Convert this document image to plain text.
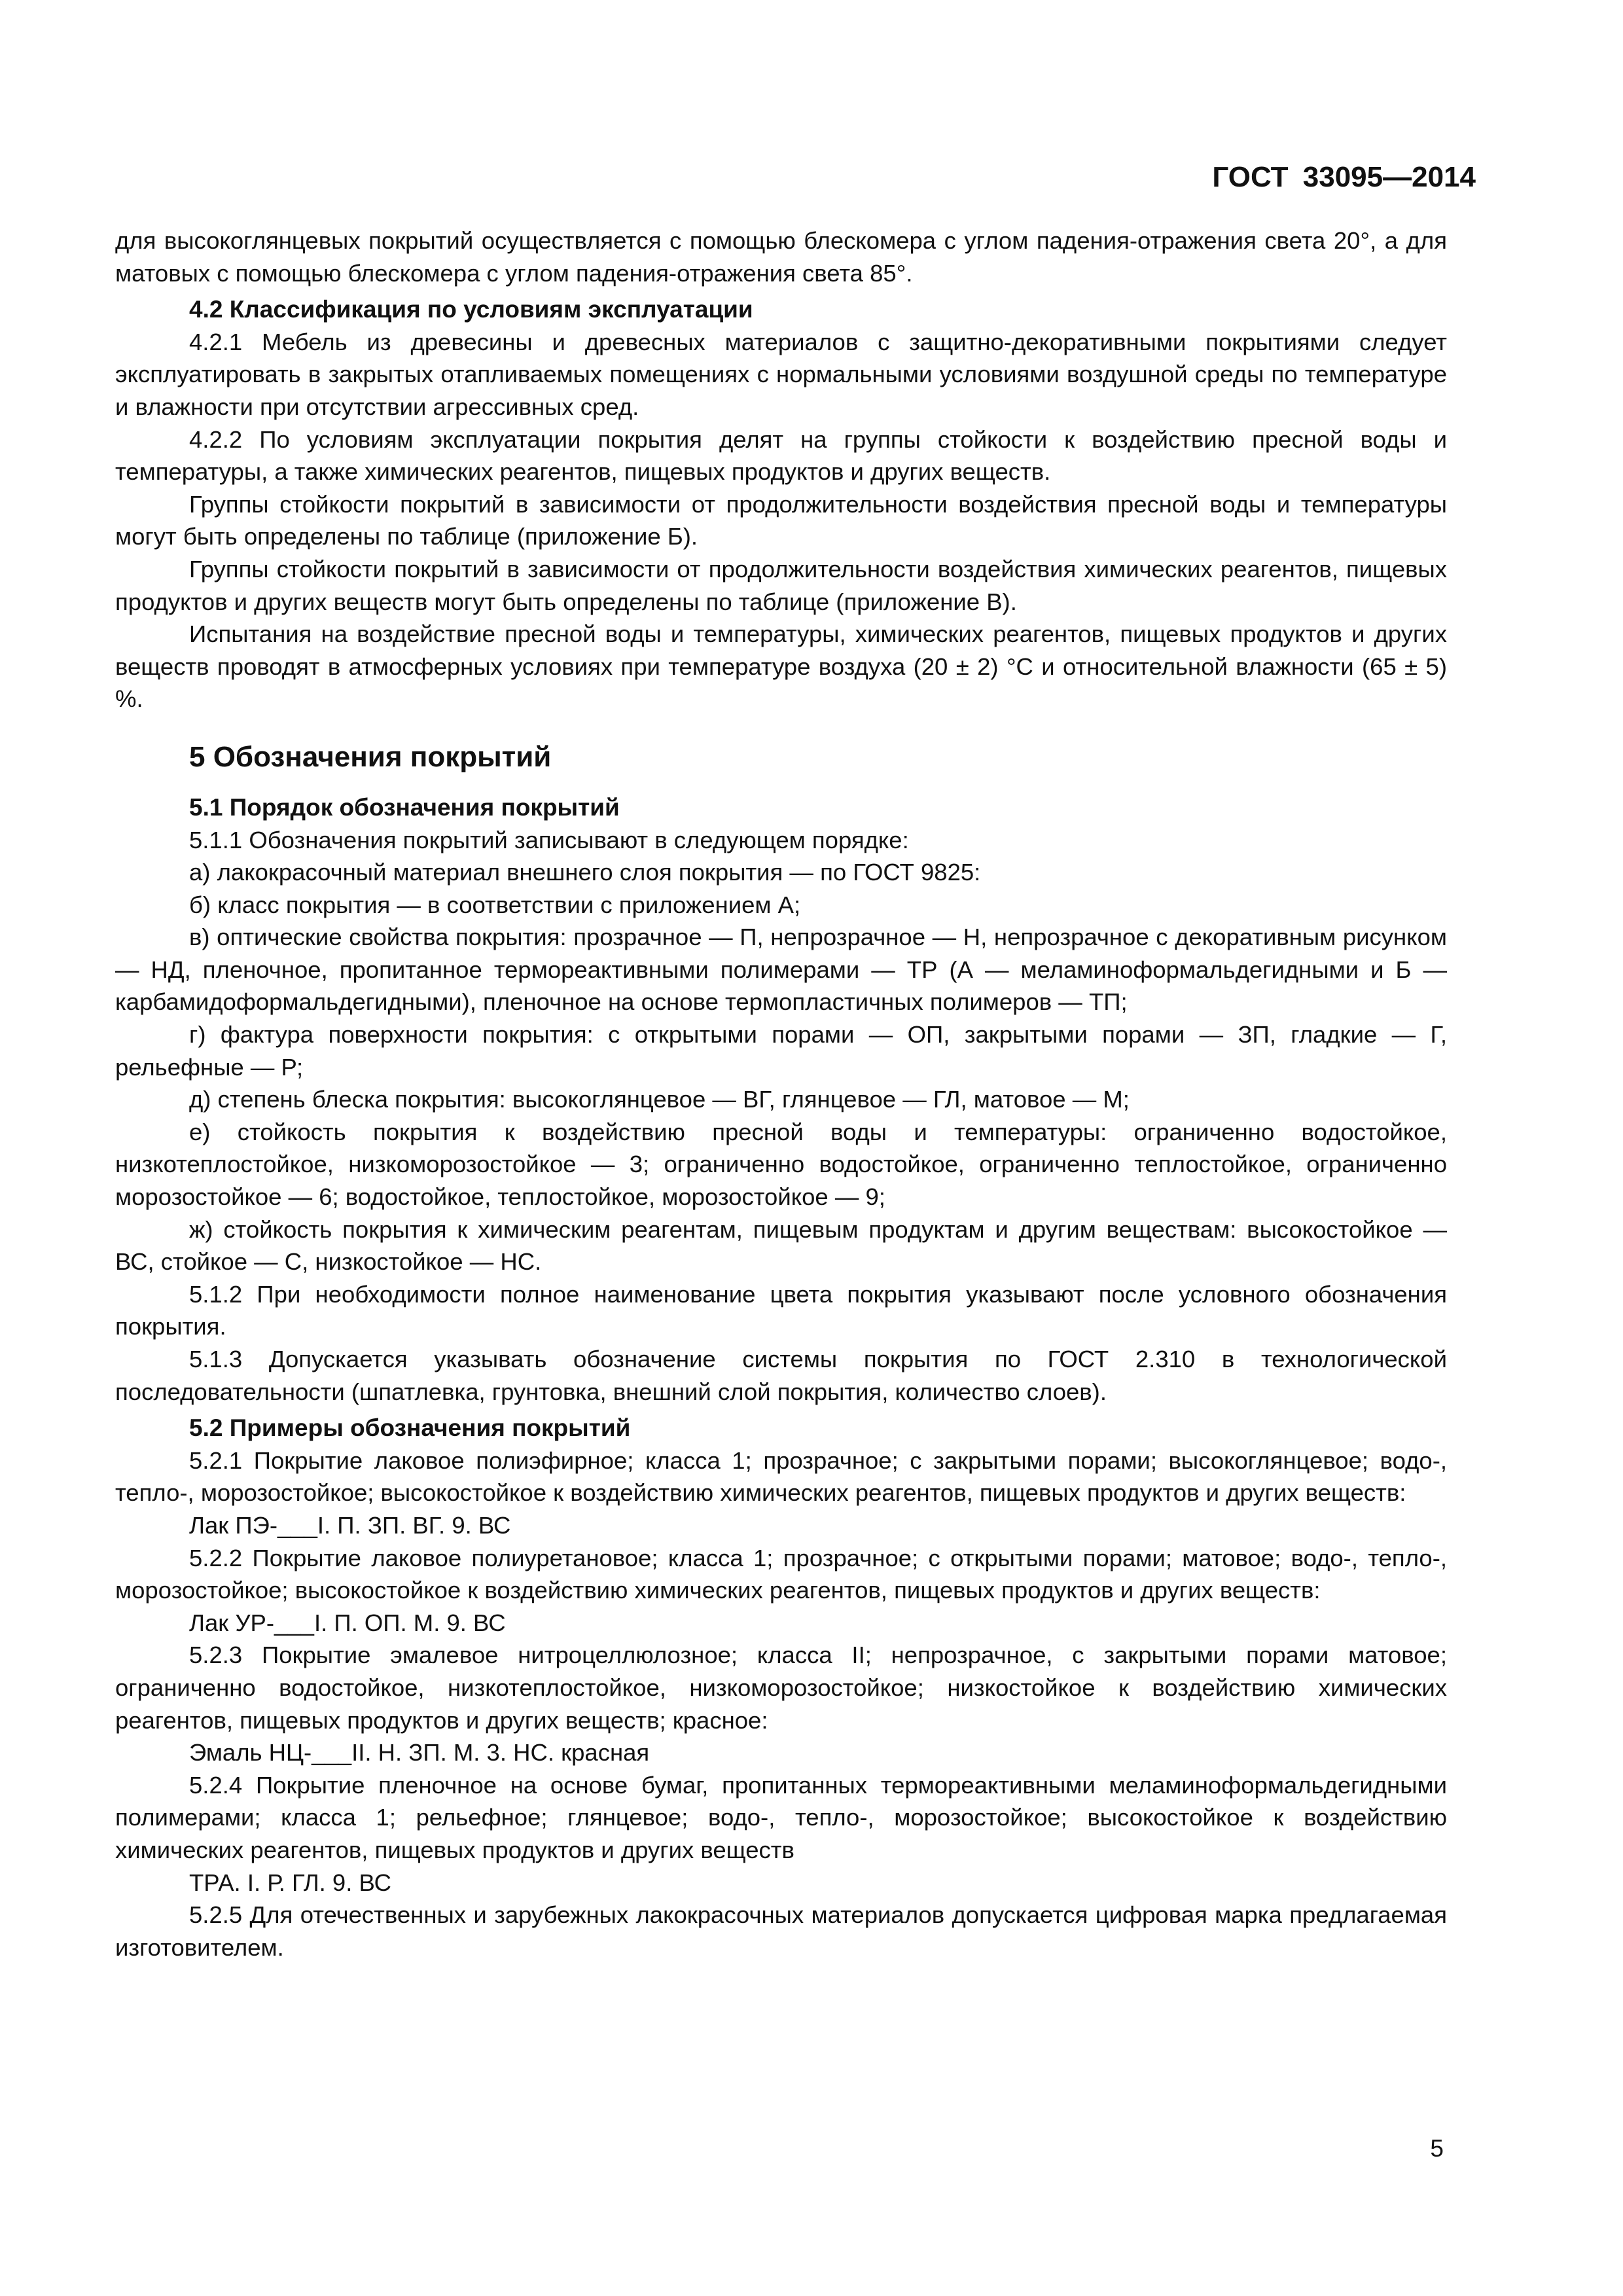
ГОСТ 33095—2014

для высокоглянцевых покрытий осуществляется с помощью блескомера с углом падения-отражения света 20°, а для матовых с помощью блескомера с углом падения-отражения света 85°.

4.2 Классификация по условиям эксплуатации

4.2.1 Мебель из древесины и древесных материалов с защитно-декоративными покрытиями следует эксплуатировать в закрытых отапливаемых помещениях с нормальными условиями воздушной среды по температуре и влажности при отсутствии агрессивных сред.

4.2.2 По условиям эксплуатации покрытия делят на группы стойкости к воздействию пресной воды и температуры, а также химических реагентов, пищевых продуктов и других веществ.

Группы стойкости покрытий в зависимости от продолжительности воздействия пресной воды и температуры могут быть определены по таблице (приложение Б).

Группы стойкости покрытий в зависимости от продолжительности воздействия химических реагентов, пищевых продуктов и других веществ могут быть определены по таблице (приложение В).

Испытания на воздействие пресной воды и температуры, химических реагентов, пищевых продуктов и других веществ проводят в атмосферных условиях при температуре воздуха (20 ± 2) °С и относительной влажности (65 ± 5) %.

5 Обозначения покрытий
5.1 Порядок обозначения покрытий

5.1.1 Обозначения покрытий записывают в следующем порядке:

а) лакокрасочный материал внешнего слоя покрытия — по ГОСТ 9825:

б) класс покрытия — в соответствии с приложением А;

в) оптические свойства покрытия: прозрачное — П, непрозрачное — Н, непрозрачное с декоративным рисунком — НД, пленочное, пропитанное термореактивными полимерами — ТР (А — меламиноформальдегидными и Б — карбамидоформальдегидными), пленочное на основе термопластичных полимеров — ТП;

г) фактура поверхности покрытия: с открытыми порами — ОП, закрытыми порами — ЗП, гладкие — Г, рельефные — Р;

д) степень блеска покрытия: высокоглянцевое — ВГ, глянцевое — ГЛ, матовое — М;

е) стойкость покрытия к воздействию пресной воды и температуры: ограниченно водостойкое, низкотеплостойкое, низкоморозостойкое — 3; ограниченно водостойкое, ограниченно теплостойкое, ограниченно морозостойкое — 6; водостойкое, теплостойкое, морозостойкое — 9;

ж) стойкость покрытия к химическим реагентам, пищевым продуктам и другим веществам: высокостойкое — ВС, стойкое — С, низкостойкое — НС.

5.1.2 При необходимости полное наименование цвета покрытия указывают после условного обозначения покрытия.

5.1.3 Допускается указывать обозначение системы покрытия по ГОСТ 2.310 в технологической последовательности (шпатлевка, грунтовка, внешний слой покрытия, количество слоев).

5.2 Примеры обозначения покрытий

5.2.1 Покрытие лаковое полиэфирное; класса 1; прозрачное; с закрытыми порами; высокоглянцевое; водо-, тепло-, морозостойкое; высокостойкое к воздействию химических реагентов, пищевых продуктов и других веществ:

Лак ПЭ-___I. П. ЗП. ВГ. 9. ВС

5.2.2 Покрытие лаковое полиуретановое; класса 1; прозрачное; с открытыми порами; матовое; водо-, тепло-, морозостойкое; высокостойкое к воздействию химических реагентов, пищевых продуктов и других веществ:

Лак УР-___I. П. ОП. М. 9. ВС

5.2.3 Покрытие эмалевое нитроцеллюлозное; класса II; непрозрачное, с закрытыми порами матовое; ограниченно водостойкое, низкотеплостойкое, низкоморозостойкое; низкостойкое к воздействию химических реагентов, пищевых продуктов и других веществ; красное:

Эмаль НЦ-___II. Н. ЗП. М. 3. НС. красная

5.2.4 Покрытие пленочное на основе бумаг, пропитанных термореактивными меламиноформальдегидными полимерами; класса 1; рельефное; глянцевое; водо-, тепло-, морозостойкое; высокостойкое к воздействию химических реагентов, пищевых продуктов и других веществ

ТРА. I. Р. ГЛ. 9. ВС

5.2.5 Для отечественных и зарубежных лакокрасочных материалов допускается цифровая марка предлагаемая изготовителем.

5
